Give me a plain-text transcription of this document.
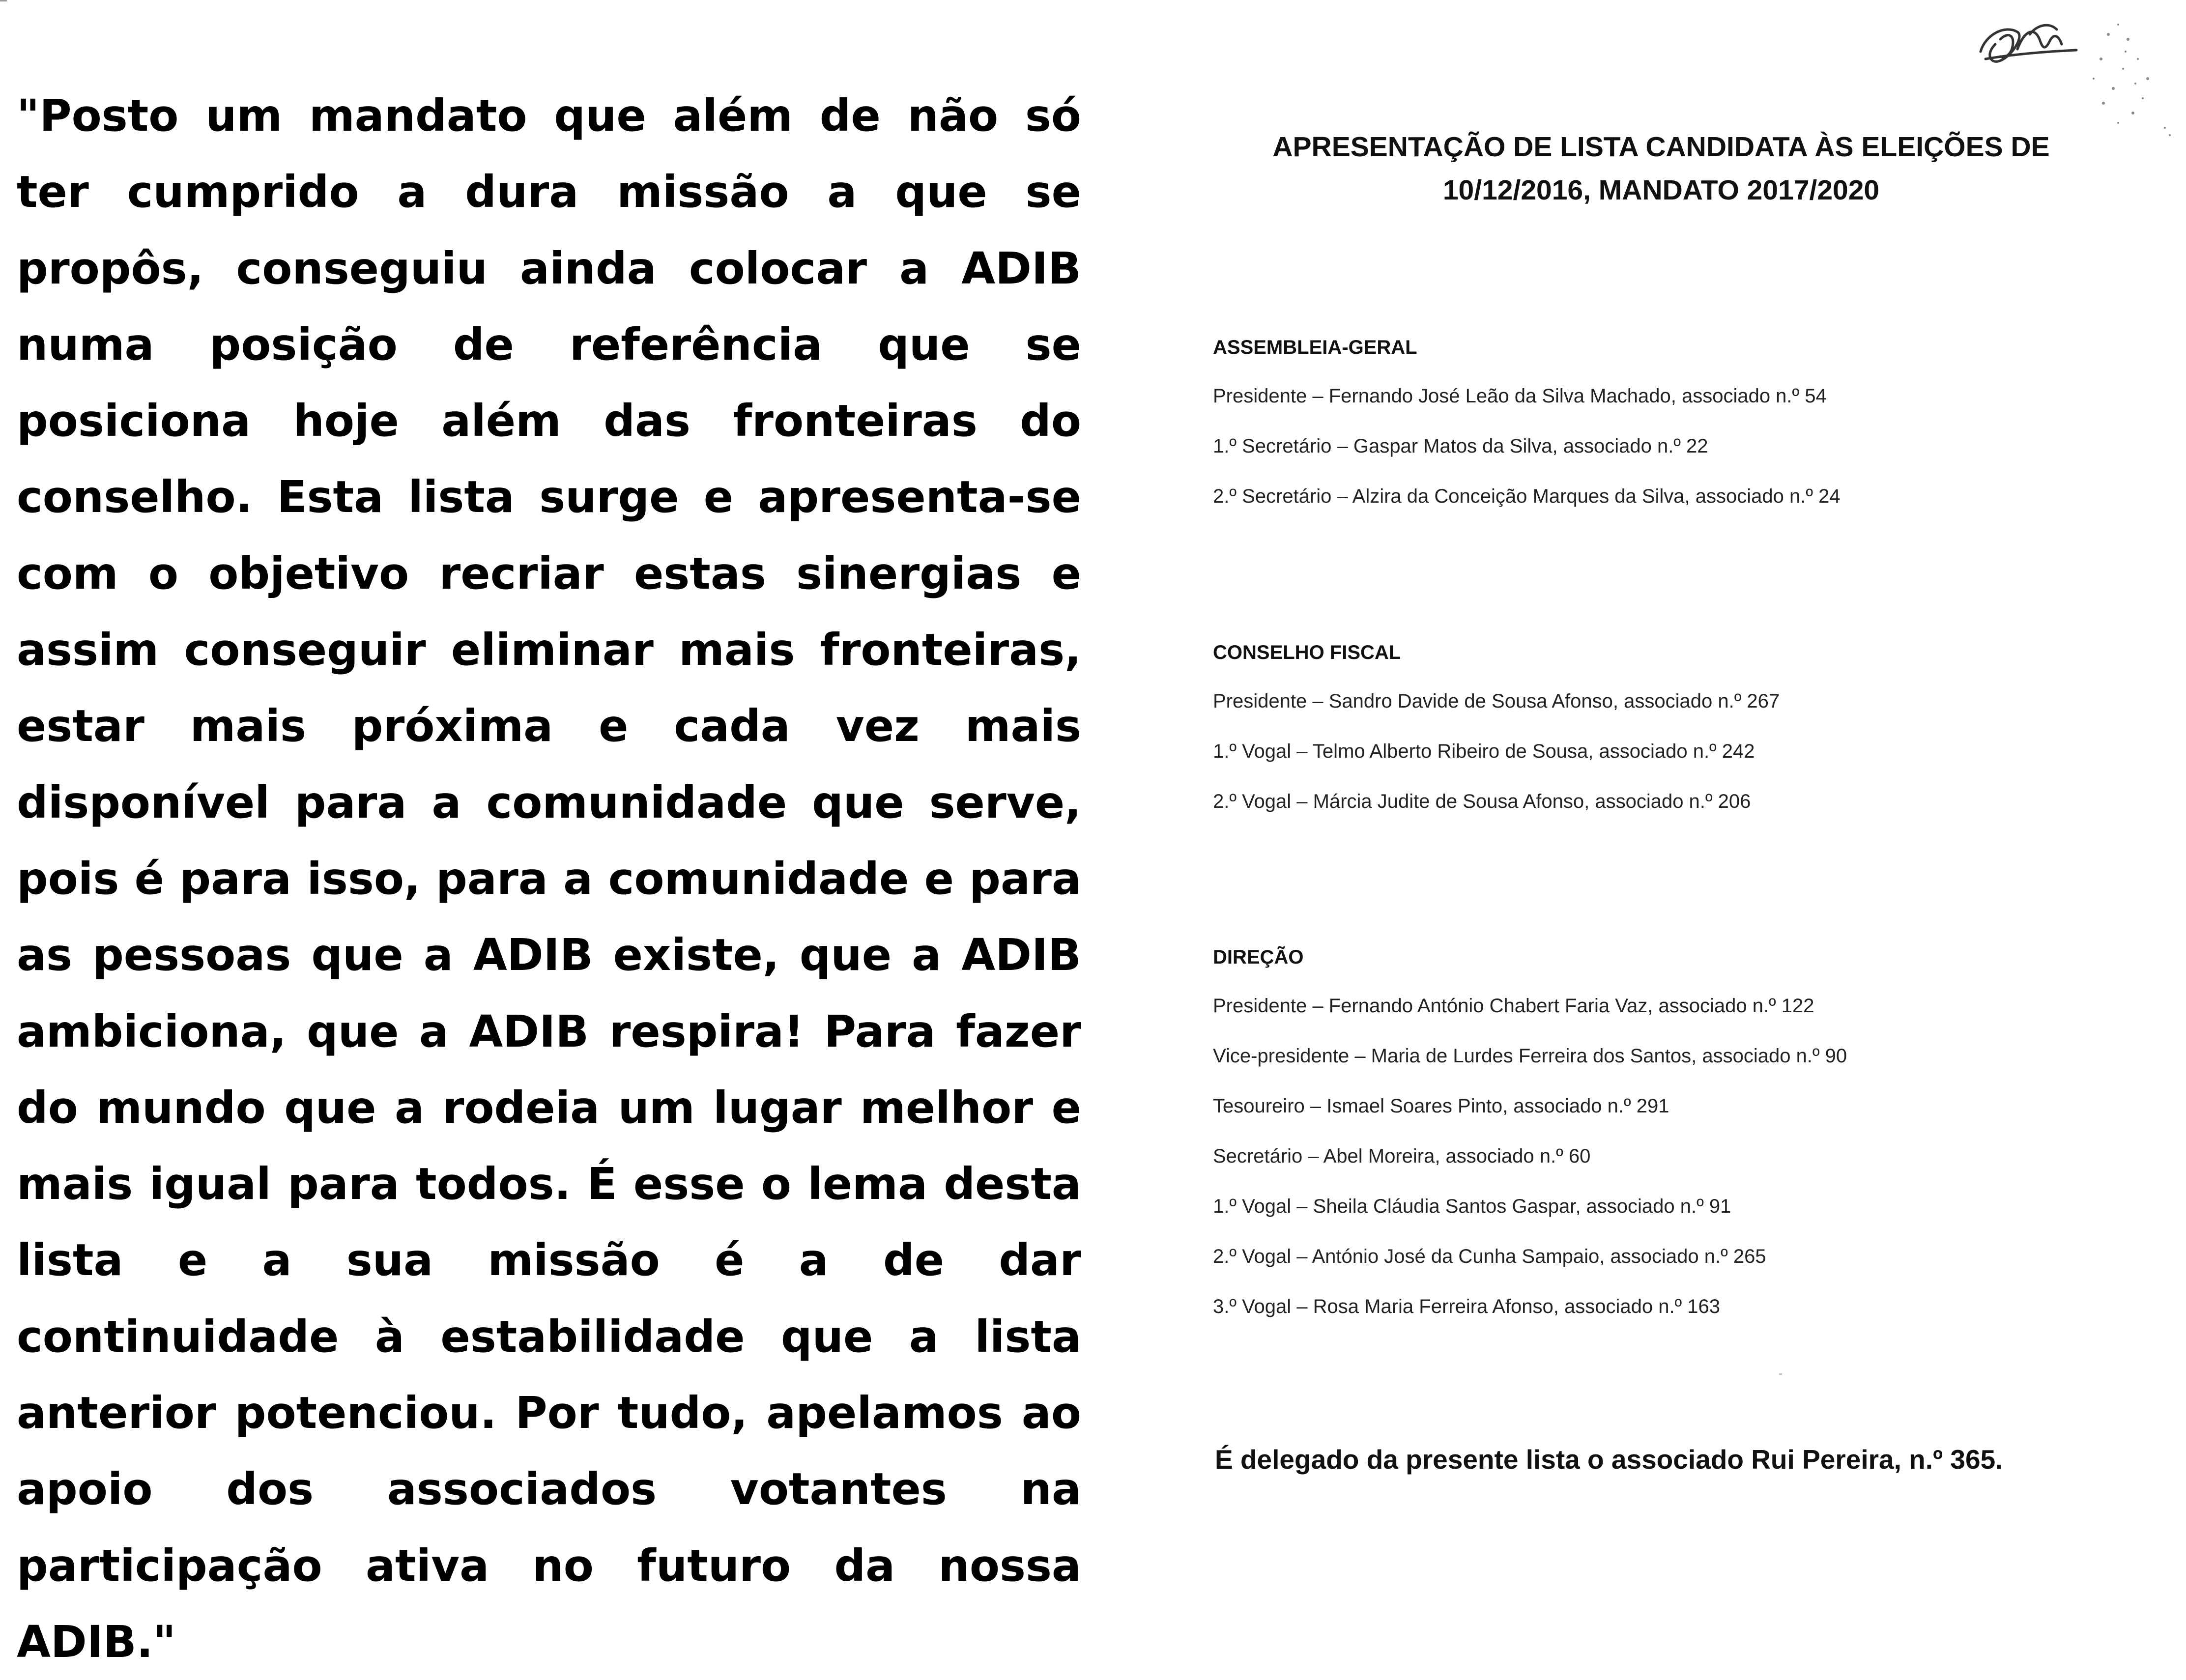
"Posto um mandato que além de não só ter cumprido a dura missão a que se propôs, conseguiu ainda colocar a ADIB numa posição de referência que se posiciona hoje além das fronteiras do conselho. Esta lista surge e apresenta-se com o objetivo recriar estas sinergias e assim conseguir eliminar mais fronteiras, estar mais próxima e cada vez mais disponível para a comunidade que serve, pois é para isso, para a comunidade e para as pessoas que a ADIB existe, que a ADIB ambiciona, que a ADIB respira! Para fazer do mundo que a rodeia um lugar melhor e mais igual para todos. É esse o lema desta lista e a sua missão é a de dar continuidade à estabilidade que a lista anterior potenciou. Por tudo, apelamos ao apoio dos associados votantes na participação ativa no futuro da nossa ADIB."
APRESENTAÇÃO DE LISTA CANDIDATA ÀS ELEIÇÕES DE
10/12/2016, MANDATO 2017/2020
ASSEMBLEIA-GERAL
Presidente – Fernando José Leão da Silva Machado, associado n.º 54
1.º Secretário – Gaspar Matos da Silva, associado n.º 22
2.º Secretário – Alzira da Conceição Marques da Silva, associado n.º 24
CONSELHO FISCAL
Presidente – Sandro Davide de Sousa Afonso, associado n.º 267
1.º Vogal – Telmo Alberto Ribeiro de Sousa, associado n.º 242
2.º Vogal – Márcia Judite de Sousa Afonso, associado n.º 206
DIREÇÃO
Presidente – Fernando António Chabert Faria Vaz, associado n.º 122
Vice-presidente – Maria de Lurdes Ferreira dos Santos, associado n.º 90
Tesoureiro – Ismael Soares Pinto, associado n.º 291
Secretário – Abel Moreira, associado n.º 60
1.º Vogal – Sheila Cláudia Santos Gaspar, associado n.º 91
2.º Vogal – António José da Cunha Sampaio, associado n.º 265
3.º Vogal – Rosa Maria Ferreira Afonso, associado n.º 163
É delegado da presente lista o associado Rui Pereira, n.º 365.
